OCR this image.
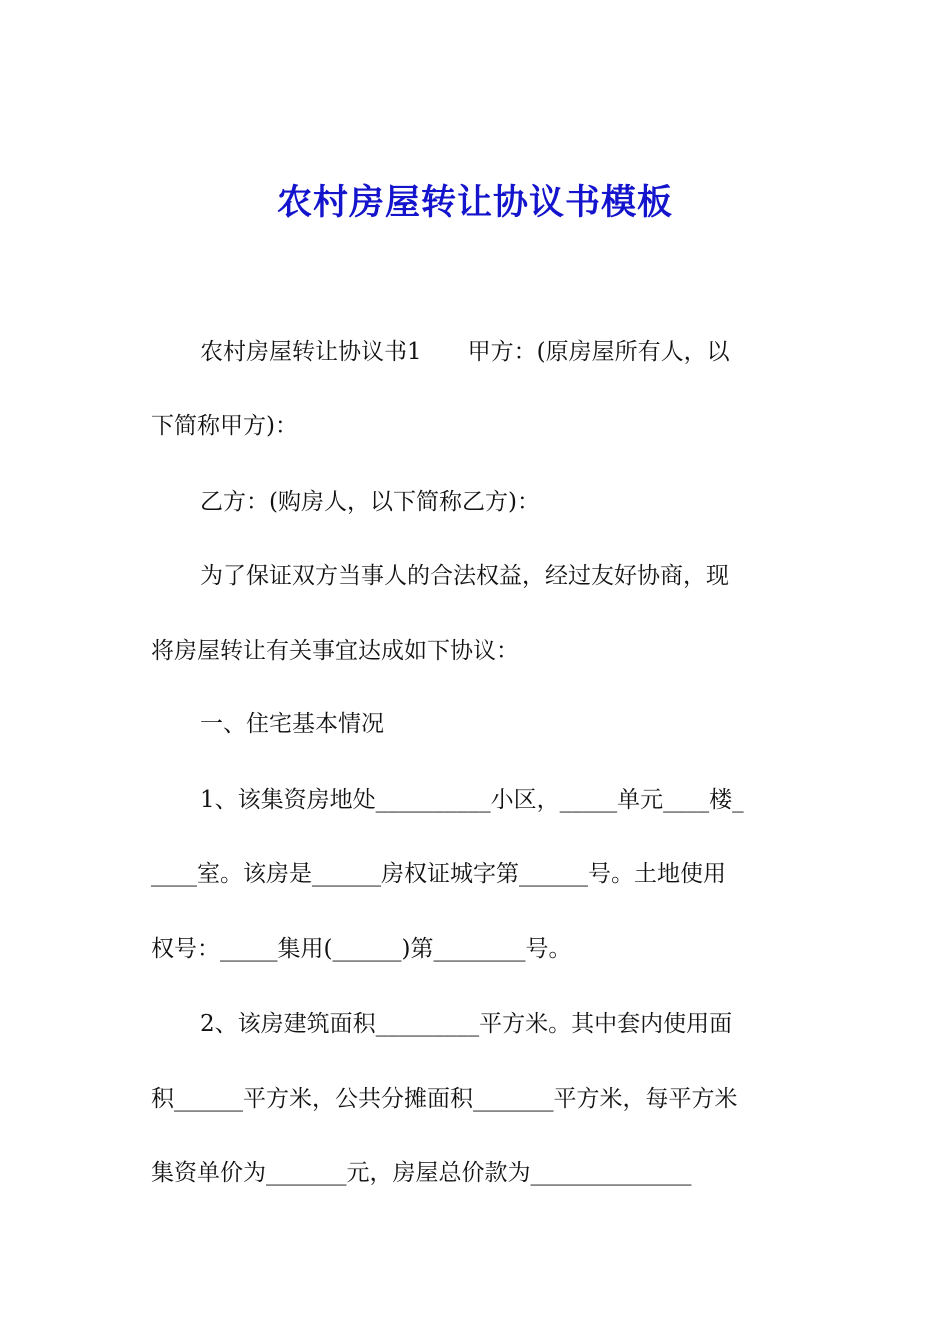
农村房屋转让协议书模板

农村房屋转让协议书1　　甲方：(原房屋所有人，以

下简称甲方)：

乙方：(购房人，以下简称乙方)：

为了保证双方当事人的合法权益，经过友好协商，现

将房屋转让有关事宜达成如下协议：

一、住宅基本情况

1、该集资房地处__________小区，_____单元____楼_

____室。该房是______房权证城字第______号。土地使用

权号：_____集用(______)第________号。

2、该房建筑面积_________平方米。其中套内使用面

积______平方米，公共分摊面积_______平方米，每平方米

集资单价为_______元，房屋总价款为______________
